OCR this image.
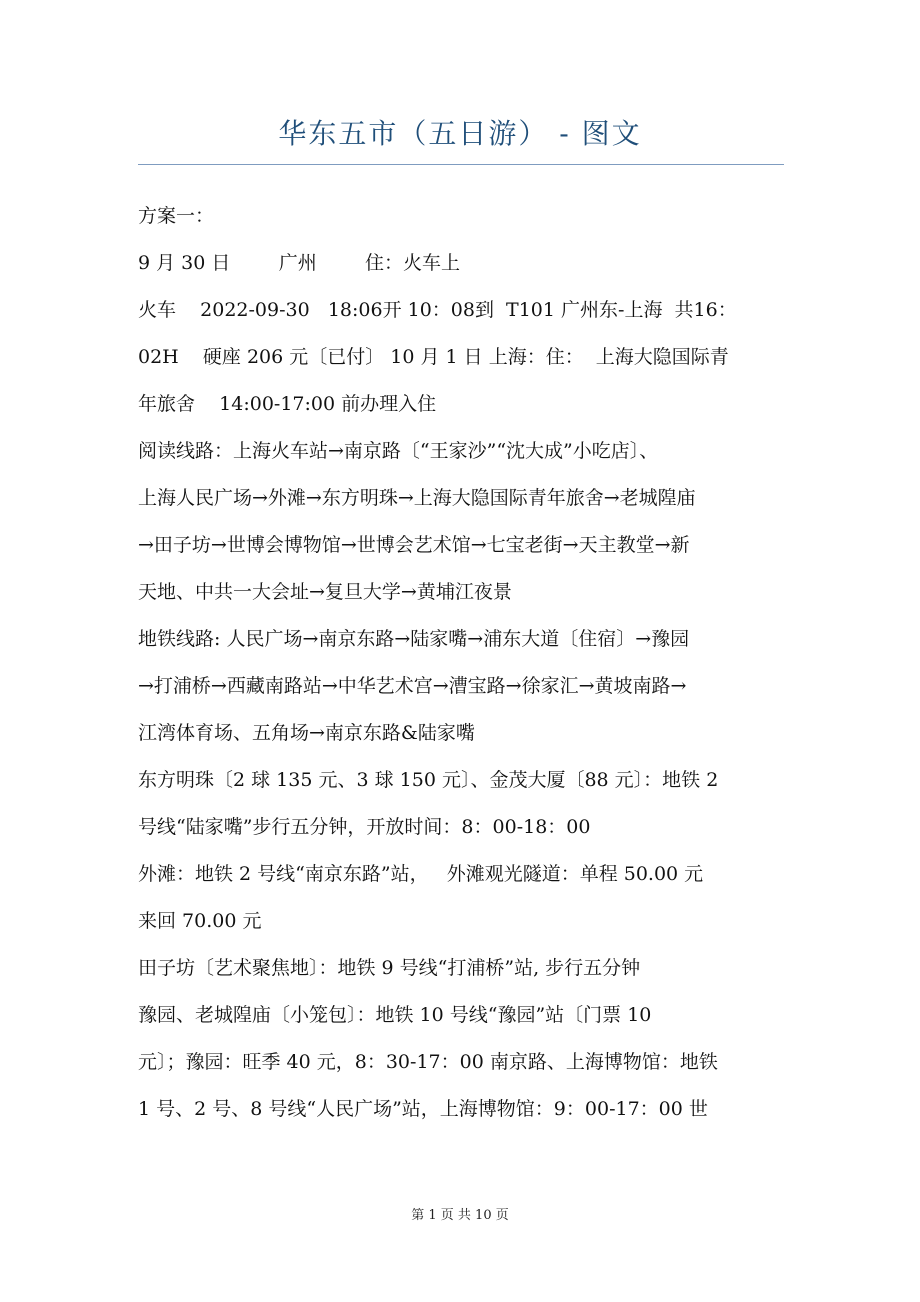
华东五市（五日游） - 图文
方案一：
9 月 30 日        广州        住：火车上
火车    2022-09-30   18:06开 10：08到  T101 广州东-上海  共16：
02H    硬座 206 元〔已付〕 10 月 1 日 上海：住：  上海大隐国际青
年旅舍    14:00-17:00 前办理入住
阅读线路：上海火车站→南京路〔“王家沙”“沈大成”小吃店〕、
上海人民广场→外滩→东方明珠→上海大隐国际青年旅舍→老城隍庙
→田子坊→世博会博物馆→世博会艺术馆→七宝老街→天主教堂→新
天地、中共一大会址→复旦大学→黄埔江夜景
地铁线路: 人民广场→南京东路→陆家嘴→浦东大道〔住宿〕→豫园
→打浦桥→西藏南路站→中华艺术宫→漕宝路→徐家汇→黄坡南路→
江湾体育场、五角场→南京东路&陆家嘴
东方明珠〔2 球 135 元、3 球 150 元〕、金茂大厦〔88 元〕：地铁 2
号线“陆家嘴”步行五分钟，开放时间：8：00-18：00
外滩：地铁 2 号线“南京东路”站，   外滩观光隧道：单程 50.00 元
来回 70.00 元
田子坊〔艺术聚焦地〕：地铁 9 号线“打浦桥”站, 步行五分钟
豫园、老城隍庙〔小笼包〕：地铁 10 号线“豫园”站〔门票 10
元〕；豫园：旺季 40 元，8：30-17：00 南京路、上海博物馆：地铁
1 号、2 号、8 号线“人民广场”站，上海博物馆：9：00-17：00 世
第 1 页 共 10 页
